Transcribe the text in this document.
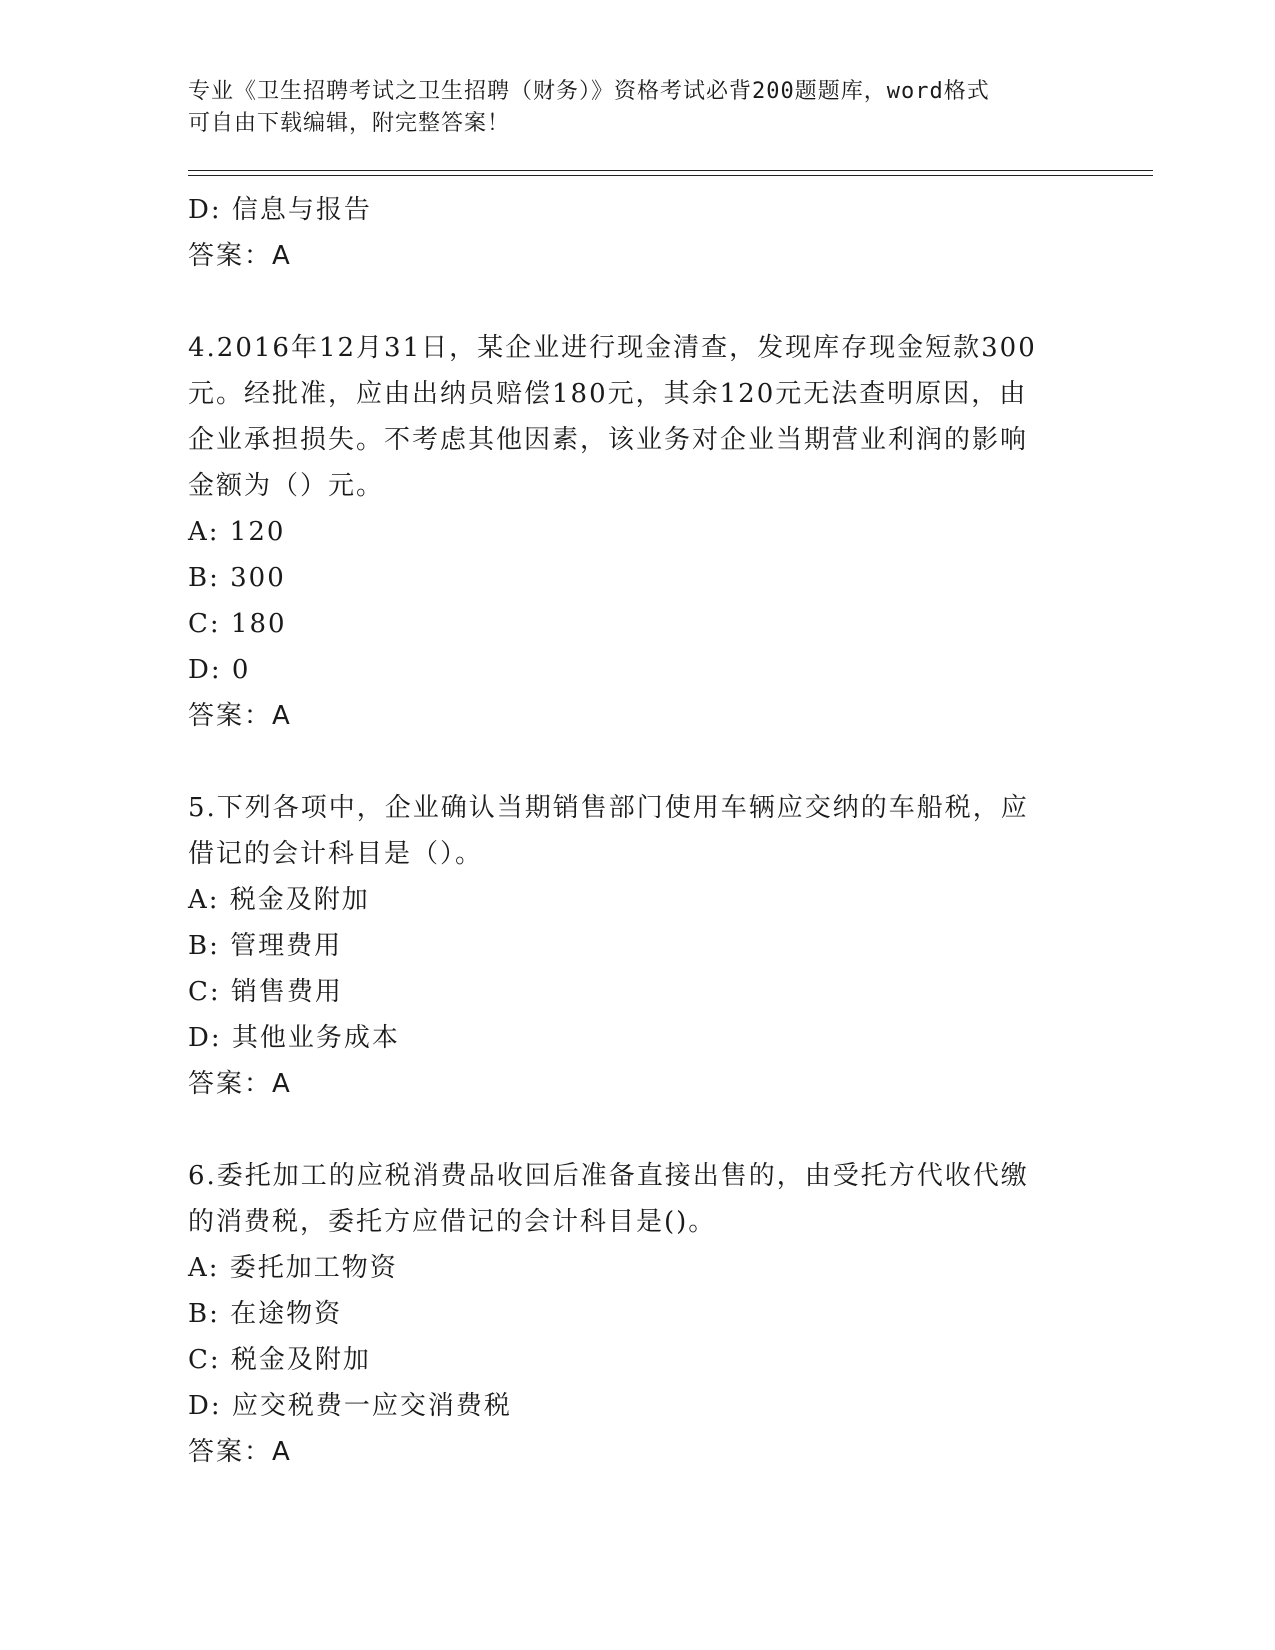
专业《卫生招聘考试之卫生招聘（财务）》资格考试必背200题题库，word格式
可自由下载编辑，附完整答案！
D: 信息与报告
答案：A
4.2016年12月31日，某企业进行现金清查，发现库存现金短款300
元。经批准，应由出纳员赔偿180元，其余120元无法查明原因，由
企业承担损失。不考虑其他因素，该业务对企业当期营业利润的影响
金额为（）元。
A: 120
B: 300
C: 180
D: 0
答案：A
5.下列各项中，企业确认当期销售部门使用车辆应交纳的车船税，应
借记的会计科目是（）。
A: 税金及附加
B: 管理费用
C: 销售费用
D: 其他业务成本
答案：A
6.委托加工的应税消费品收回后准备直接出售的，由受托方代收代缴
的消费税，委托方应借记的会计科目是()。
A: 委托加工物资
B: 在途物资
C: 税金及附加
D: 应交税费一应交消费税
答案：A
